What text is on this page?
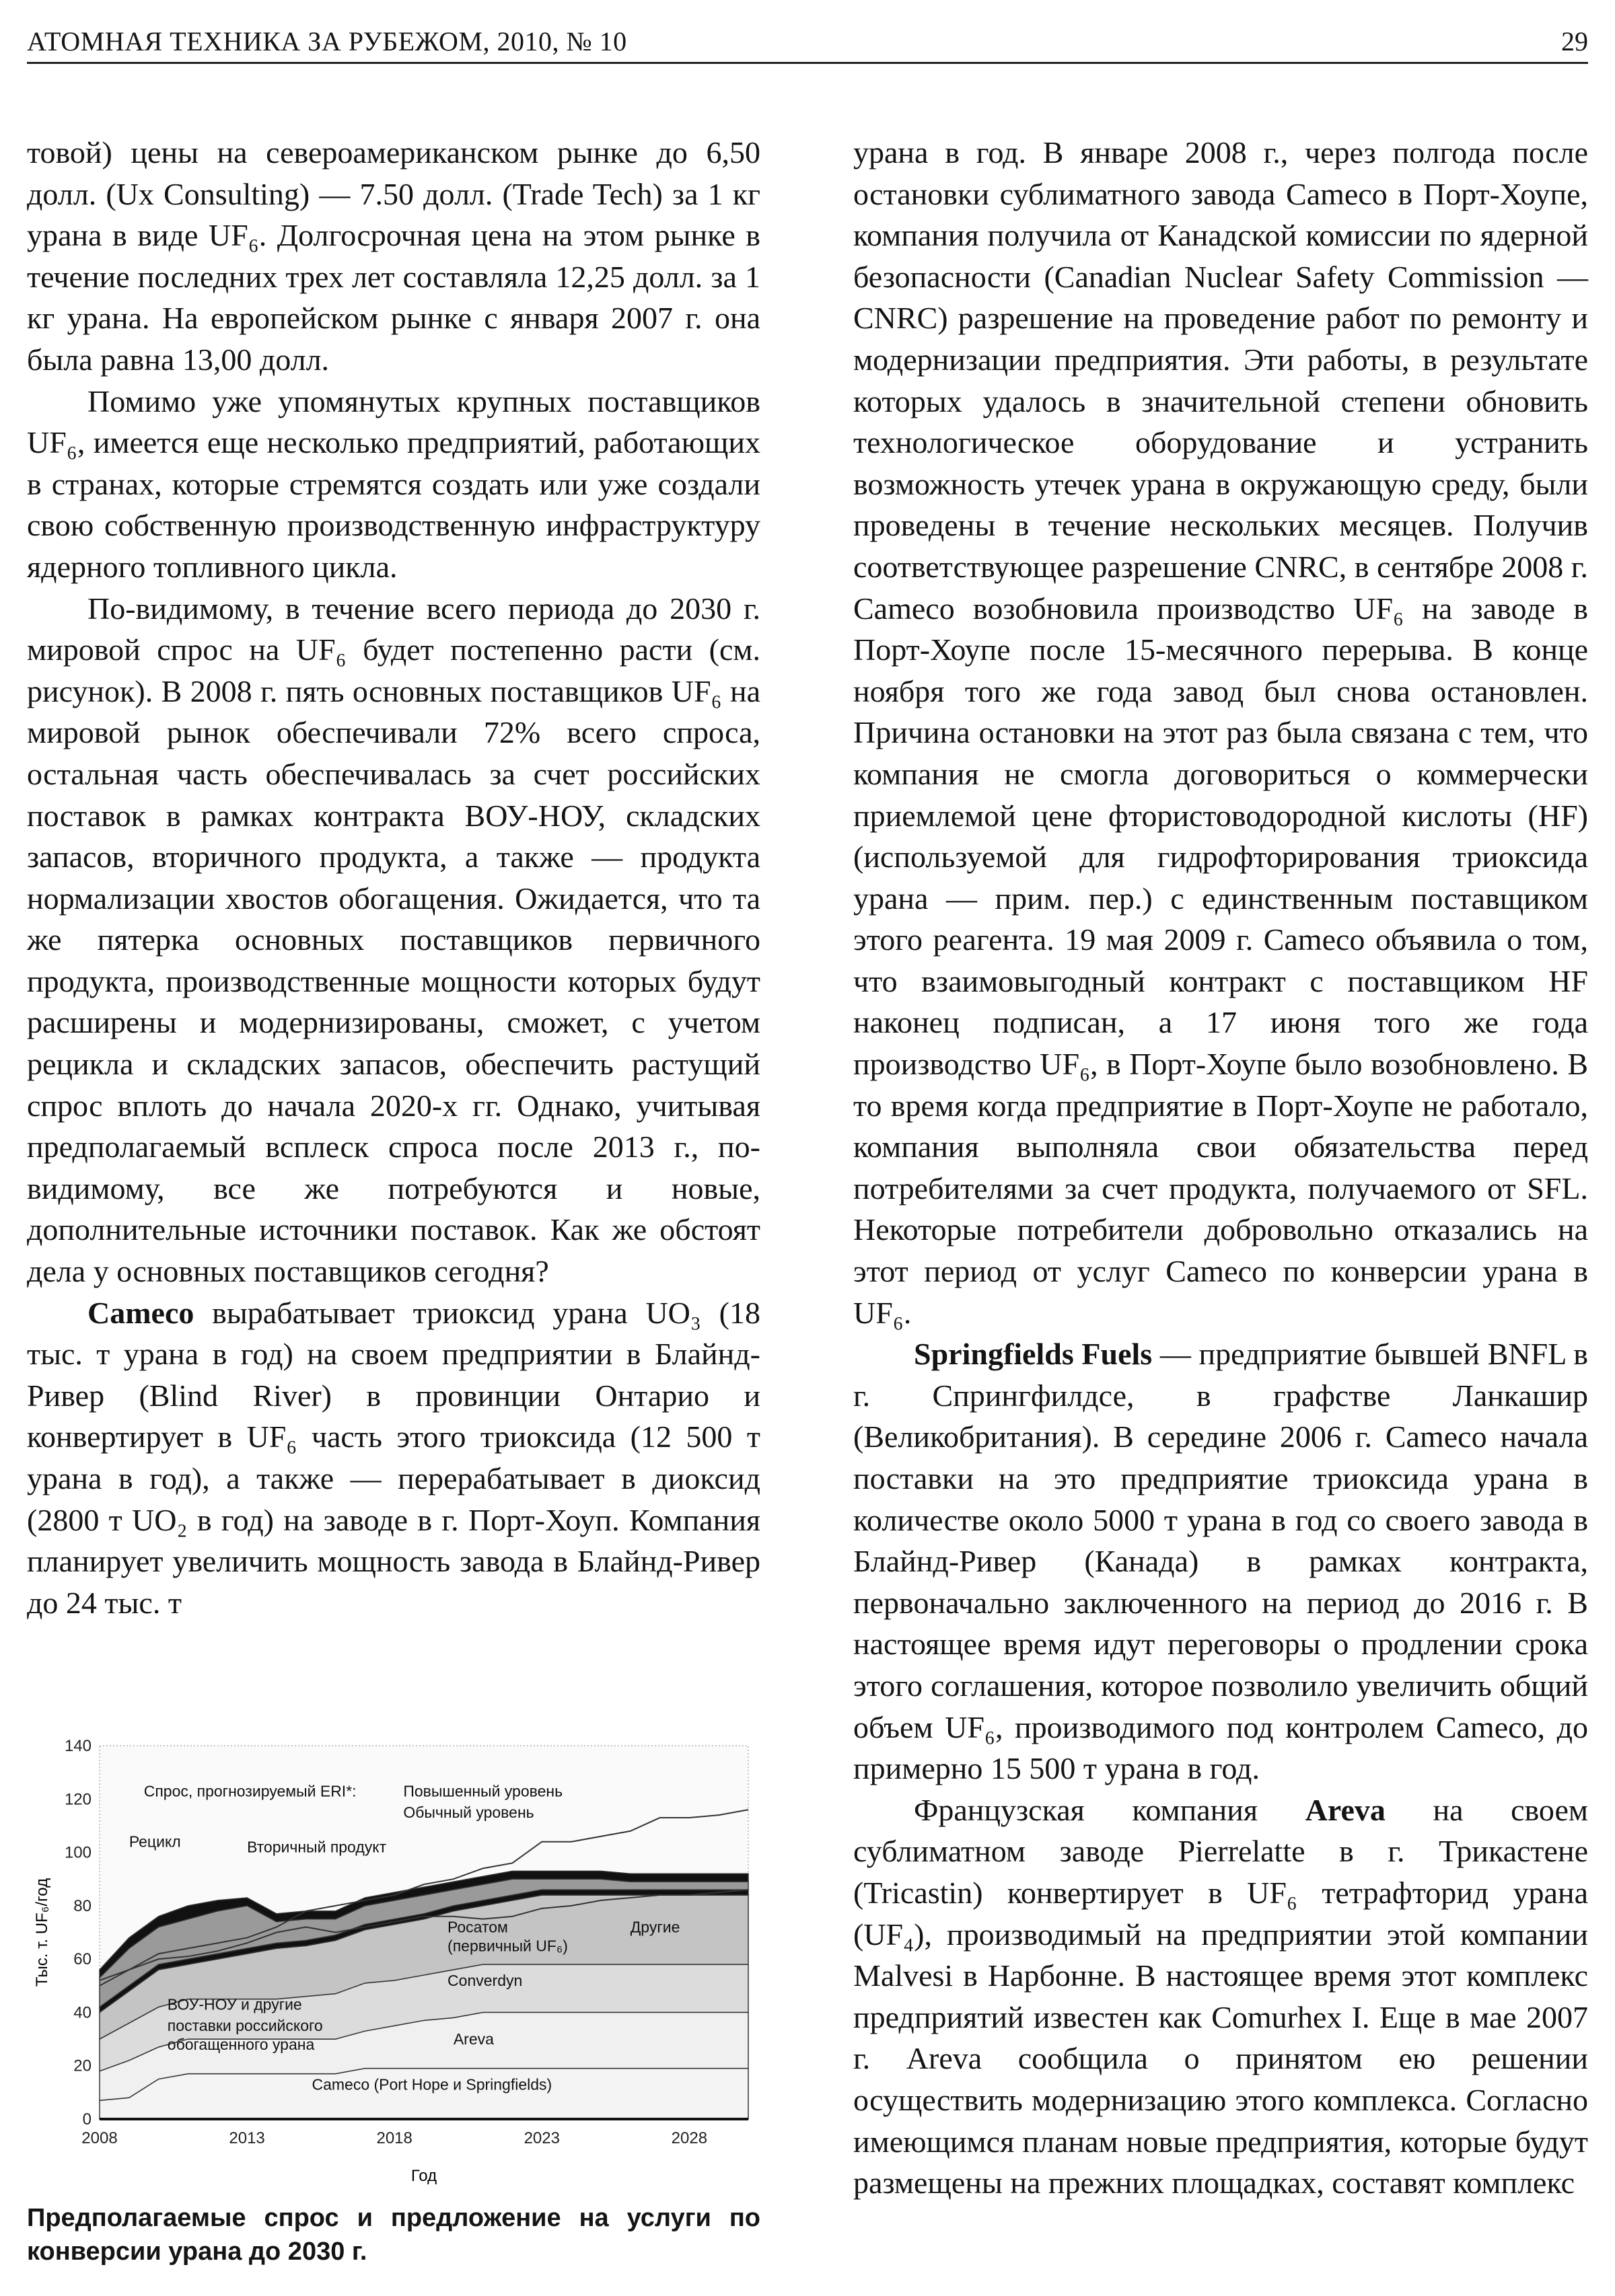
АТОМНАЯ ТЕХНИКА ЗА РУБЕЖОМ, 2010, № 10	29

товой) цены на североамериканском рынке до 6,50 долл. (Ux Consulting) — 7.50 долл. (Trade Tech) за 1 кг урана в виде UF₆. Долгосрочная цена на этом рынке в течение последних трех лет составляла 12,25 долл. за 1 кг урана. На европейском рынке с января 2007 г. она была равна 13,00 долл.

Помимо уже упомянутых крупных поставщиков UF₆, имеется еще несколько предприятий, работающих в странах, которые стремятся создать или уже создали свою собственную производственную инфраструктуру ядерного топливного цикла.

По-видимому, в течение всего периода до 2030 г. мировой спрос на UF₆ будет постепенно расти (см. рисунок). В 2008 г. пять основных поставщиков UF₆ на мировой рынок обеспечивали 72% всего спроса, остальная часть обеспечивалась за счет российских поставок в рамках контракта ВОУ-НОУ, складских запасов, вторичного продукта, а также — продукта нормализации хвостов обогащения. Ожидается, что та же пятерка основных поставщиков первичного продукта, производственные мощности которых будут расширены и модернизированы, сможет, с учетом рецикла и складских запасов, обеспечить растущий спрос вплоть до начала 2020-х гг. Однако, учитывая предполагаемый всплеск спроса после 2013 г., по-видимому, все же потребуются и новые, дополнительные источники поставок. Как же обстоят дела у основных поставщиков сегодня?

Cameco вырабатывает триоксид урана UO₃ (18 тыс. т урана в год) на своем предприятии в Блайнд-Ривер (Blind River) в провинции Онтарио и конвертирует в UF₆ часть этого триоксида (12 500 т урана в год), а также — перерабатывает в диоксид (2800 т UO₂ в год) на заводе в г. Порт-Хоуп. Компания планирует увеличить мощность завода в Блайнд-Ривер до 24 тыс. т

урана в год. В январе 2008 г., через полгода после остановки сублиматного завода Cameco в Порт-Хоупе, компания получила от Канадской комиссии по ядерной безопасности (Canadian Nuclear Safety Commission — CNRC) разрешение на проведение работ по ремонту и модернизации предприятия. Эти работы, в результате которых удалось в значительной степени обновить технологическое оборудование и устранить возможность утечек урана в окружающую среду, были проведены в течение нескольких месяцев. Получив соответствующее разрешение CNRC, в сентябре 2008 г. Cameco возобновила производство UF₆ на заводе в Порт-Хоупе после 15-месячного перерыва. В конце ноября того же года завод был снова остановлен. Причина остановки на этот раз была связана с тем, что компания не смогла договориться о коммерчески приемлемой цене фтористоводородной кислоты (HF) (используемой для гидрофторирования триоксида урана — прим. пер.) с единственным поставщиком этого реагента. 19 мая 2009 г. Cameco объявила о том, что взаимовыгодный контракт с поставщиком HF наконец подписан, а 17 июня того же года производство UF₆, в Порт-Хоупе было возобновлено. В то время когда предприятие в Порт-Хоупе не работало, компания выполняла свои обязательства перед потребителями за счет продукта, получаемого от SFL. Некоторые потребители добровольно отказались на этот период от услуг Cameco по конверсии урана в UF₆.

Springfields Fuels — предприятие бывшей BNFL в г. Спрингфилдсе, в графстве Ланкашир (Великобритания). В середине 2006 г. Cameco начала поставки на это предприятие триоксида урана в количестве около 5000 т урана в год со своего завода в Блайнд-Ривер (Канада) в рамках контракта, первоначально заключенного на период до 2016 г. В настоящее время идут переговоры о продлении срока этого соглашения, которое позволило увеличить общий объем UF₆, производимого под контролем Cameco, до примерно 15 500 т урана в год.

Французская компания Areva на своем сублиматном заводе Pierrelatte в г. Трикастене (Tricastin) конвертирует в UF₆ тетрафторид урана (UF₄), производимый на предприятии этой компании Malvesi в Нарбонне. В настоящее время этот комплекс предприятий известен как Comurhex I. Еще в мае 2007 г. Areva сообщила о принятом ею решении осуществить модернизацию этого комплекса. Согласно имеющимся планам новые предприятия, которые будут размещены на прежних площадках, составят комплекс

0
20
40
60
80
100
120
140
2008	2013	2018	2023	2028
Год
Тыс. т. UF₆/год
Спрос, прогнозируемый ERI*:	Повышенный уровень
Обычный уровень
Рецикл	Вторичный продукт
Росатом
(первичный UF₆)
Другие
Converdyn
ВОУ-НОУ и другие
поставки российского
обогащенного урана	Areva
Cameco (Port Hope и Springfields)
Предполагаемые спрос и предложение на услуги по конверсии урана до 2030 г.
